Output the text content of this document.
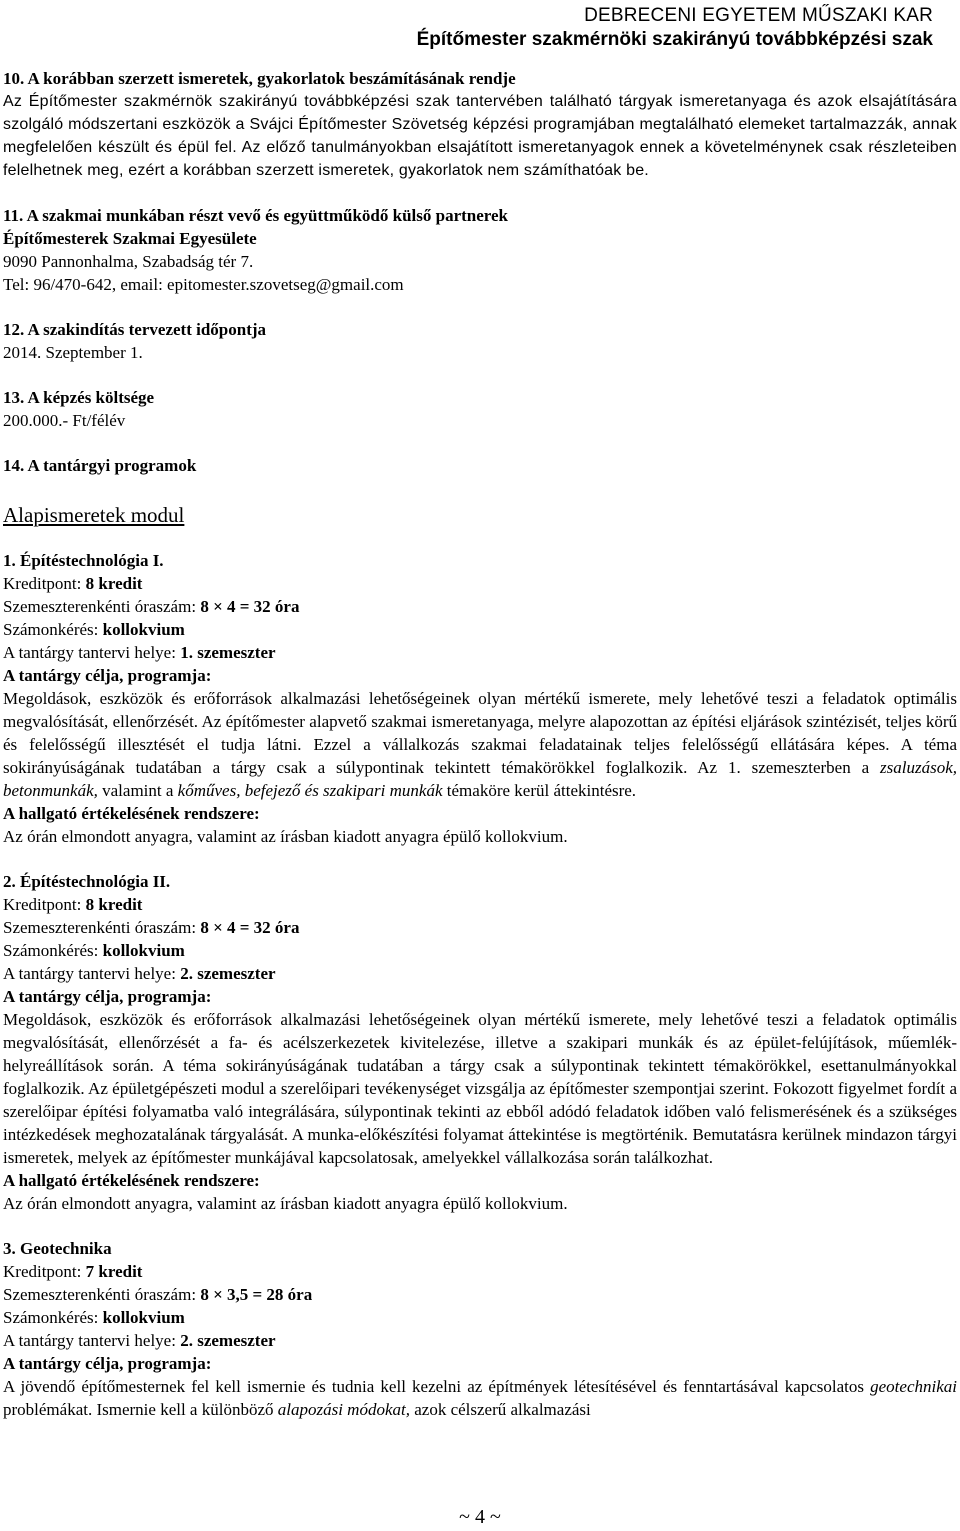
DEBRECENI EGYETEM MŰSZAKI KAR
Építőmester szakmérnöki szakirányú továbbképzési szak

10. A korábban szerzett ismeretek, gyakorlatok beszámításának rendje

Az Építőmester szakmérnök szakirányú továbbképzési szak tantervében található tárgyak ismeretanyaga és azok elsajátítására szolgáló módszertani eszközök a Svájci Építőmester Szövetség képzési programjában megtalálható elemeket tartalmazzák, annak megfelelően készült és épül fel. Az előző tanulmányokban elsajátított ismeretanyagok ennek a követelménynek csak részleteiben felelhetnek meg, ezért a korábban szerzett ismeretek, gyakorlatok nem számíthatóak be.

11. A szakmai munkában részt vevő és együttműködő külső partnerek

Építőmesterek Szakmai Egyesülete

9090 Pannonhalma, Szabadság tér 7.

Tel: 96/470-642, email: epitomester.szovetseg@gmail.com

12. A szakindítás tervezett időpontja

2014. Szeptember 1.

13. A képzés költsége

200.000.- Ft/félév

14. A tantárgyi programok

Alapismeretek modul

1. Építéstechnológia I.

Kreditpont: 8 kredit

Szemeszterenkénti óraszám: 8 × 4 = 32 óra

Számonkérés: kollokvium

A tantárgy tantervi helye: 1. szemeszter

A tantárgy célja, programja:

Megoldások, eszközök és erőforrások alkalmazási lehetőségeinek olyan mértékű ismerete, mely lehetővé teszi a feladatok optimális megvalósítását, ellenőrzését. Az építőmester alapvető szakmai ismeretanyaga, melyre alapozottan az építési eljárások szintézisét, teljes körű és felelősségű illesztését el tudja látni. Ezzel a vállalkozás szakmai feladatainak teljes felelősségű ellátására képes. A téma sokirányúságának tudatában a tárgy csak a súlypontinak tekintett témakörökkel foglalkozik. Az 1. szemeszterben a zsaluzások, betonmunkák, valamint a kőműves, befejező és szakipari munkák témaköre kerül áttekintésre.

A hallgató értékelésének rendszere:

Az órán elmondott anyagra, valamint az írásban kiadott anyagra épülő kollokvium.

2. Építéstechnológia II.

Kreditpont: 8 kredit

Szemeszterenkénti óraszám: 8 × 4 = 32 óra

Számonkérés: kollokvium

A tantárgy tantervi helye: 2. szemeszter

A tantárgy célja, programja:

Megoldások, eszközök és erőforrások alkalmazási lehetőségeinek olyan mértékű ismerete, mely lehetővé teszi a feladatok optimális megvalósítását, ellenőrzését a fa- és acélszerkezetek kivitelezése, illetve a szakipari munkák és az épület-felújítások, műemlék-helyreállítások során. A téma sokirányúságának tudatában a tárgy csak a súlypontinak tekintett témakörökkel, esettanulmányokkal foglalkozik. Az épületgépészeti modul a szerelőipari tevékenységet vizsgálja az építőmester szempontjai szerint. Fokozott figyelmet fordít a szerelőipar építési folyamatba való integrálására, súlypontinak tekinti az ebből adódó feladatok időben való felismerésének és a szükséges intézkedések meghozatalának tárgyalását. A munka-előkészítési folyamat áttekintése is megtörténik. Bemutatásra kerülnek mindazon tárgyi ismeretek, melyek az építőmester munkájával kapcsolatosak, amelyekkel vállalkozása során találkozhat.

A hallgató értékelésének rendszere:

Az órán elmondott anyagra, valamint az írásban kiadott anyagra épülő kollokvium.

3. Geotechnika

Kreditpont: 7 kredit

Szemeszterenkénti óraszám: 8 × 3,5 = 28 óra

Számonkérés: kollokvium

A tantárgy tantervi helye: 2. szemeszter

A tantárgy célja, programja:

A jövendő építőmesternek fel kell ismernie és tudnia kell kezelni az építmények létesítésével és fenntartásával kapcsolatos geotechnikai problémákat. Ismernie kell a különböző alapozási módokat, azok célszerű alkalmazási

~ 4 ~
